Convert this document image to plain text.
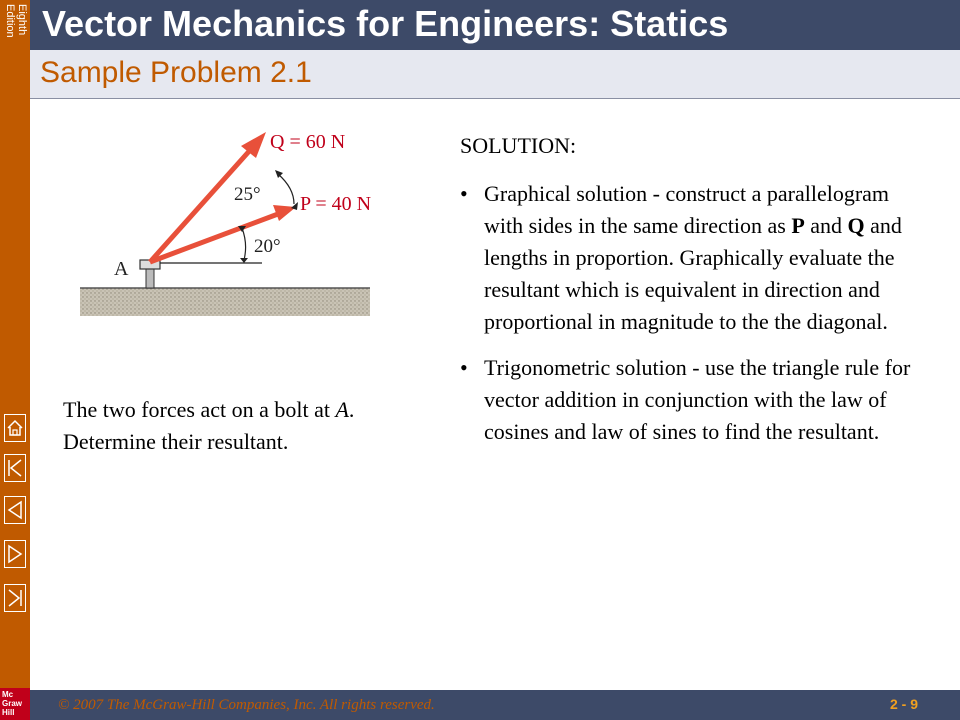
Eighth
Edition
Mc
Graw
Hill
Vector Mechanics for Engineers: Statics
Sample Problem 2.1
Q = 60 N
P = 40 N
25°
20°
A

The two forces act on a bolt at A. Determine their resultant.

SOLUTION:

• Graphical solution - construct a parallelogram with sides in the same direction as P and Q and lengths in proportion. Graphically evaluate the resultant which is equivalent in direction and proportional in magnitude to the the diagonal.
• Trigonometric solution - use the triangle rule for vector addition in conjunction with the law of cosines and law of sines to find the resultant.
© 2007 The McGraw-Hill Companies, Inc. All rights reserved.	2 - 9
